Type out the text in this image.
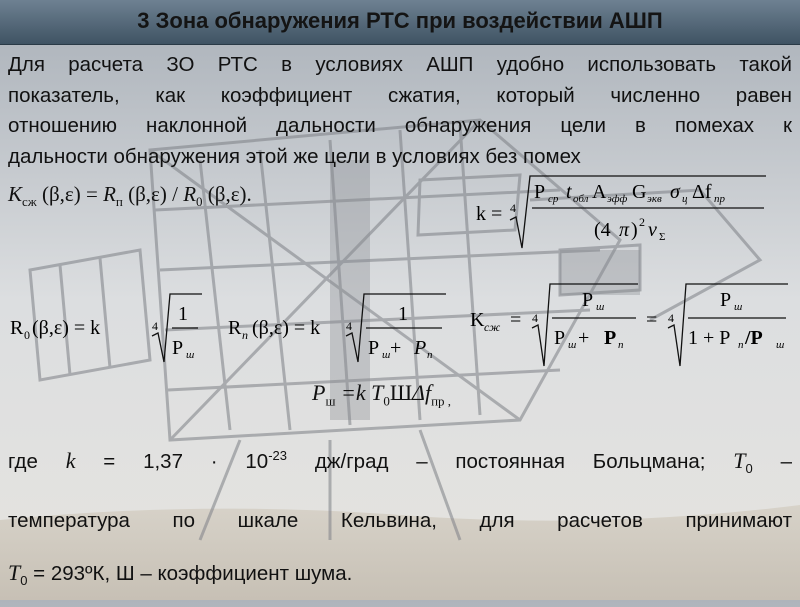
3 Зона обнаружения РТС при воздействии АШП
Для расчета ЗО РТС в условиях АШП удобно использовать такой
показатель, как коэффициент сжатия, который численно равен
отношению наклонной дальности обнаружения цели в помехах к
дальности обнаружения этой же цели в условиях без помех
$К_{сж}$ $(\beta,\varepsilon) = R_п$ $(\beta,\varepsilon) / R_0$ (β,ε).
k = 4
P ср t обл A эфф G экв σ ц Δf пр
(4 π ) 2 ν Σ
R 0 (β,ε) = k	4
1
P ш
R п (β,ε) = k 4
1
P ш + P п
K сж = 4
P ш
P ш + P п
= 4
P ш
1 + P п /P ш
$P_ш =k$ $T_0Ш\Delta f_{пр ,}$
где $k = 1,37 \cdot 10^{-23}$ дж/град – постоянная Больцмана; $T_0$ –
температура по шкале Кельвина, для расчетов принимают
$T_0$ = 293ºК, Ш – коэффициент шума.
